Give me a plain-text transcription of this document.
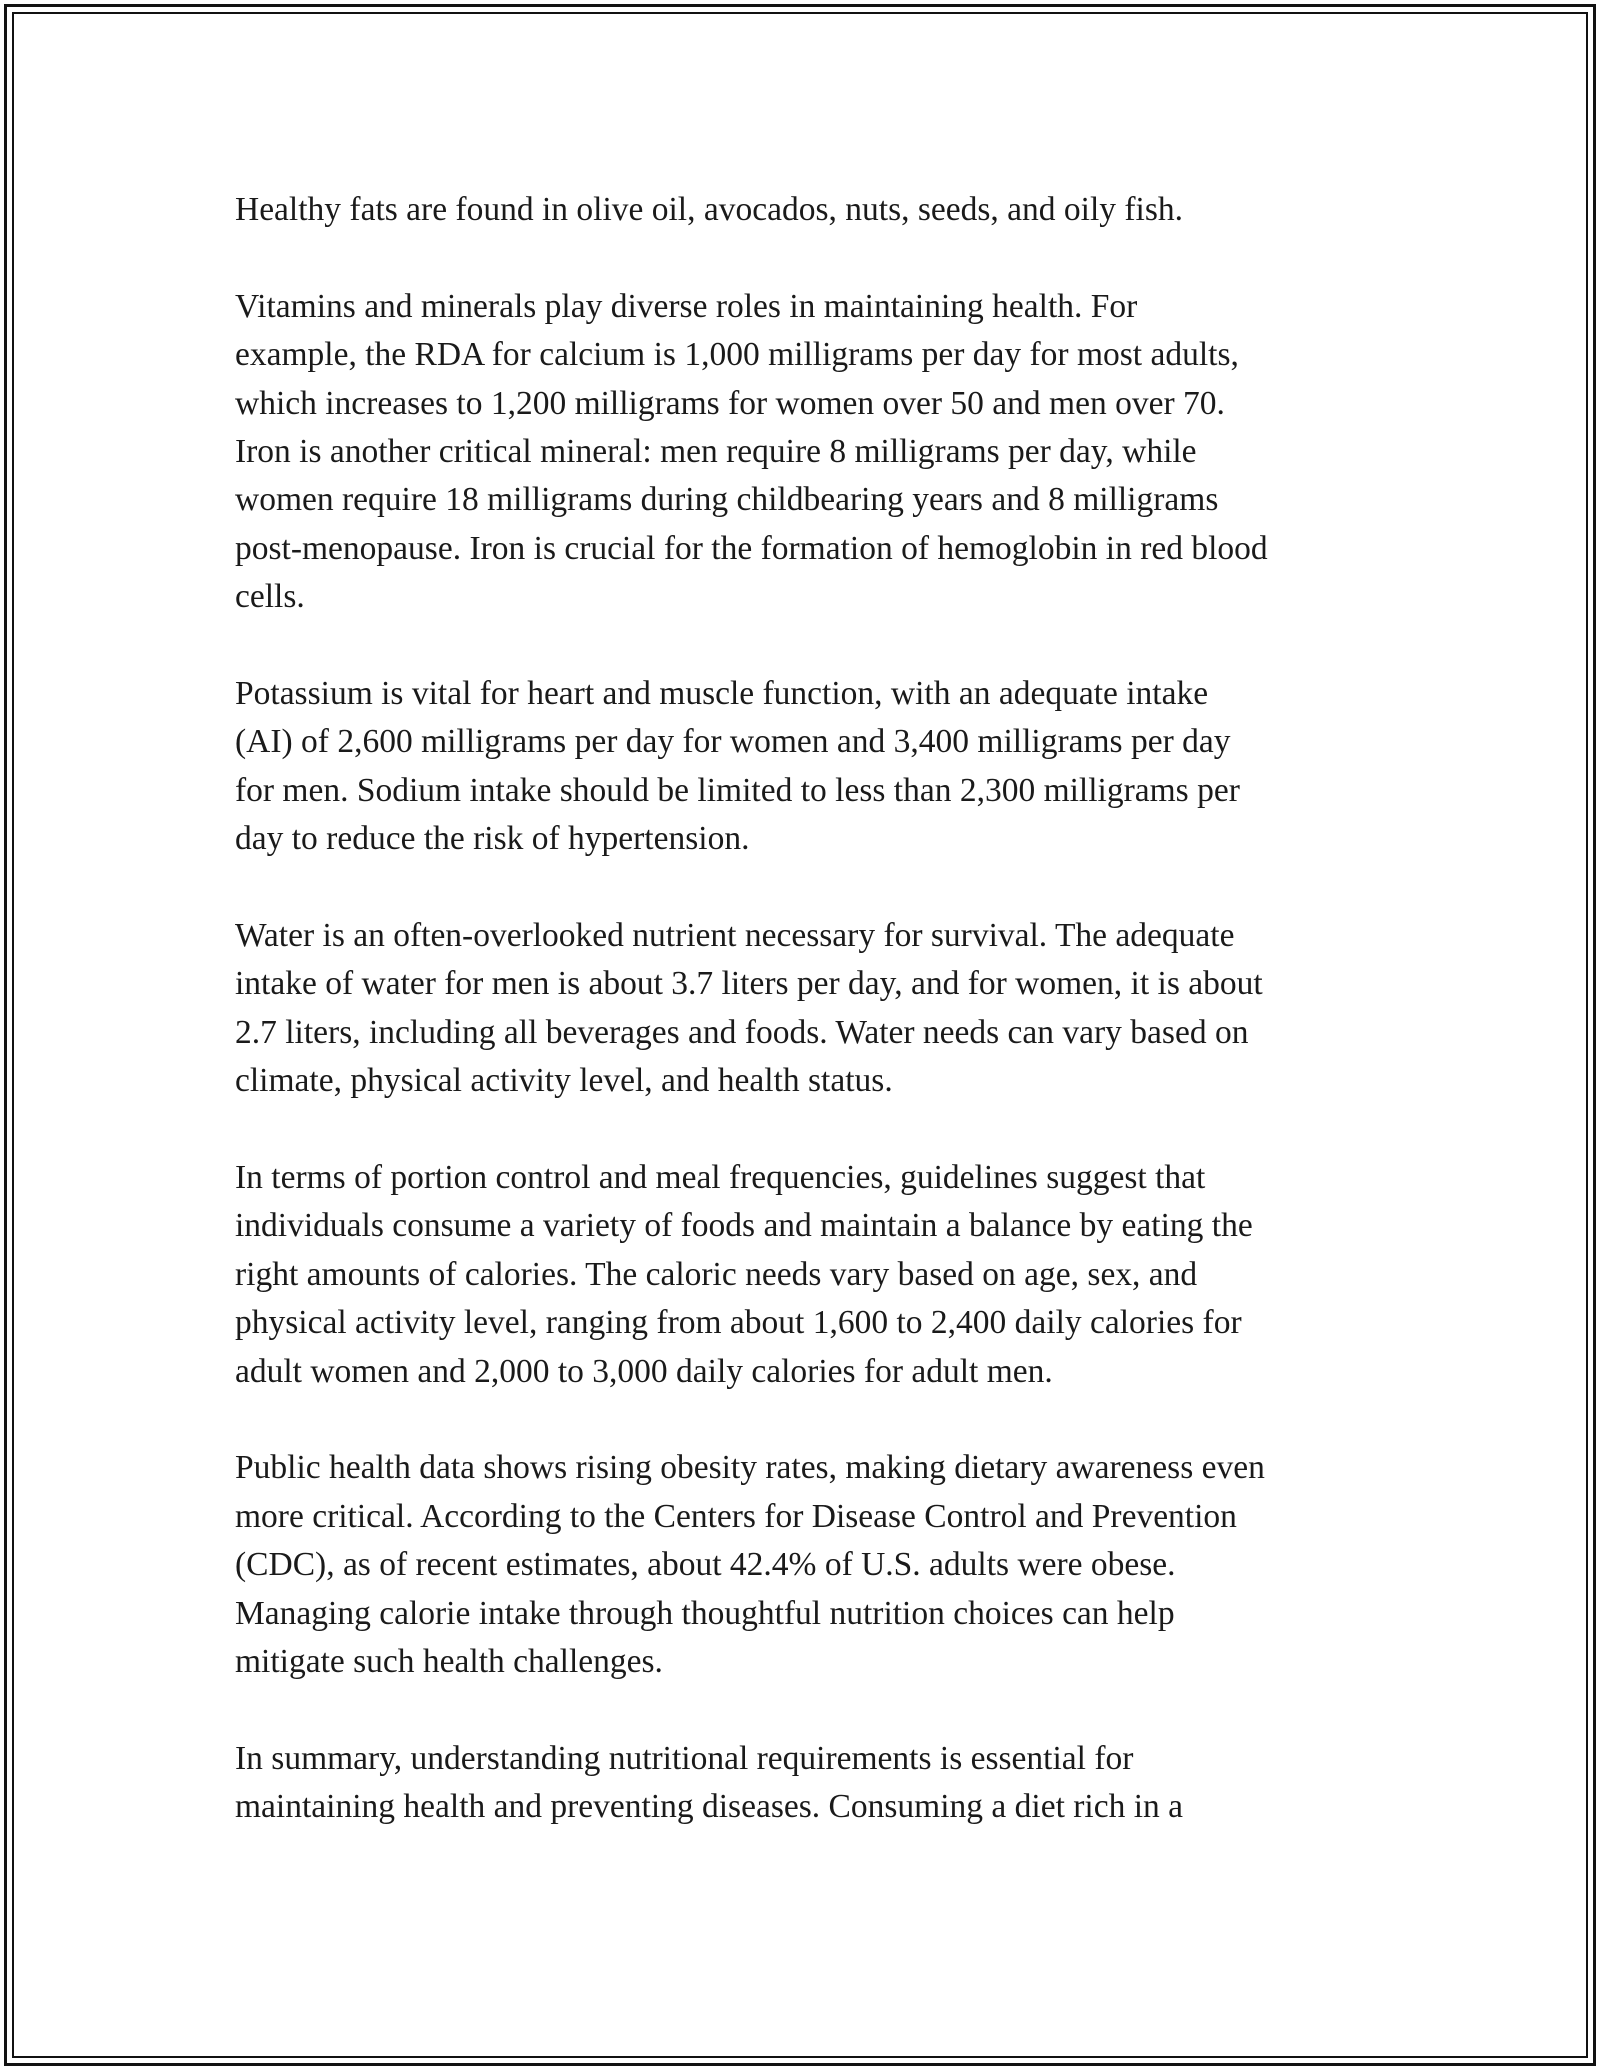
Healthy fats are found in olive oil, avocados, nuts, seeds, and oily fish.

Vitamins and minerals play diverse roles in maintaining health. For
example, the RDA for calcium is 1,000 milligrams per day for most adults,
which increases to 1,200 milligrams for women over 50 and men over 70.
Iron is another critical mineral: men require 8 milligrams per day, while
women require 18 milligrams during childbearing years and 8 milligrams
post-menopause. Iron is crucial for the formation of hemoglobin in red blood
cells.

Potassium is vital for heart and muscle function, with an adequate intake
(AI) of 2,600 milligrams per day for women and 3,400 milligrams per day
for men. Sodium intake should be limited to less than 2,300 milligrams per
day to reduce the risk of hypertension.

Water is an often-overlooked nutrient necessary for survival. The adequate
intake of water for men is about 3.7 liters per day, and for women, it is about
2.7 liters, including all beverages and foods. Water needs can vary based on
climate, physical activity level, and health status.

In terms of portion control and meal frequencies, guidelines suggest that
individuals consume a variety of foods and maintain a balance by eating the
right amounts of calories. The caloric needs vary based on age, sex, and
physical activity level, ranging from about 1,600 to 2,400 daily calories for
adult women and 2,000 to 3,000 daily calories for adult men.

Public health data shows rising obesity rates, making dietary awareness even
more critical. According to the Centers for Disease Control and Prevention
(CDC), as of recent estimates, about 42.4% of U.S. adults were obese.
Managing calorie intake through thoughtful nutrition choices can help
mitigate such health challenges.

In summary, understanding nutritional requirements is essential for
maintaining health and preventing diseases. Consuming a diet rich in a
